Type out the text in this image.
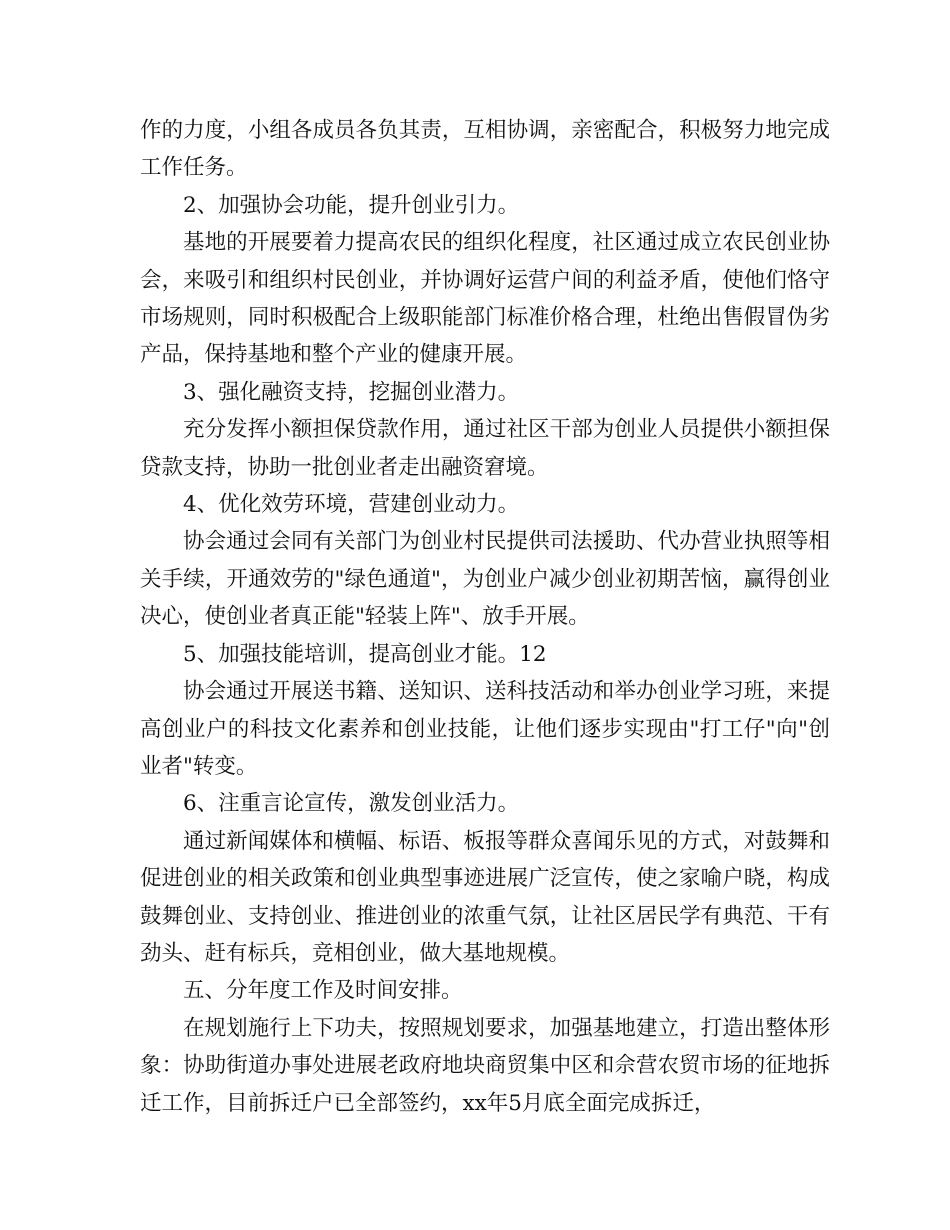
作的力度，小组各成员各负其责，互相协调，亲密配合，积极努力地完成工作任务。

2、加强协会功能，提升创业引力。

基地的开展要着力提高农民的组织化程度，社区通过成立农民创业协会，来吸引和组织村民创业，并协调好运营户间的利益矛盾，使他们恪守市场规则，同时积极配合上级职能部门标准价格合理，杜绝出售假冒伪劣产品，保持基地和整个产业的健康开展。

3、强化融资支持，挖掘创业潜力。

充分发挥小额担保贷款作用，通过社区干部为创业人员提供小额担保贷款支持，协助一批创业者走出融资窘境。

4、优化效劳环境，营建创业动力。

协会通过会同有关部门为创业村民提供司法援助、代办营业执照等相关手续，开通效劳的"绿色通道"，为创业户减少创业初期苦恼，赢得创业决心，使创业者真正能"轻装上阵"、放手开展。

5、加强技能培训，提高创业才能。12

协会通过开展送书籍、送知识、送科技活动和举办创业学习班，来提高创业户的科技文化素养和创业技能，让他们逐步实现由"打工仔"向"创业者"转变。

6、注重言论宣传，激发创业活力。

通过新闻媒体和横幅、标语、板报等群众喜闻乐见的方式，对鼓舞和促进创业的相关政策和创业典型事迹进展广泛宣传，使之家喻户晓，构成鼓舞创业、支持创业、推进创业的浓重气氛，让社区居民学有典范、干有劲头、赶有标兵，竞相创业，做大基地规模。

五、分年度工作及时间安排。

在规划施行上下功夫，按照规划要求，加强基地建立，打造出整体形象：协助街道办事处进展老政府地块商贸集中区和佘营农贸市场的征地拆迁工作，目前拆迁户已全部签约，xx年5月底全面完成拆迁，
